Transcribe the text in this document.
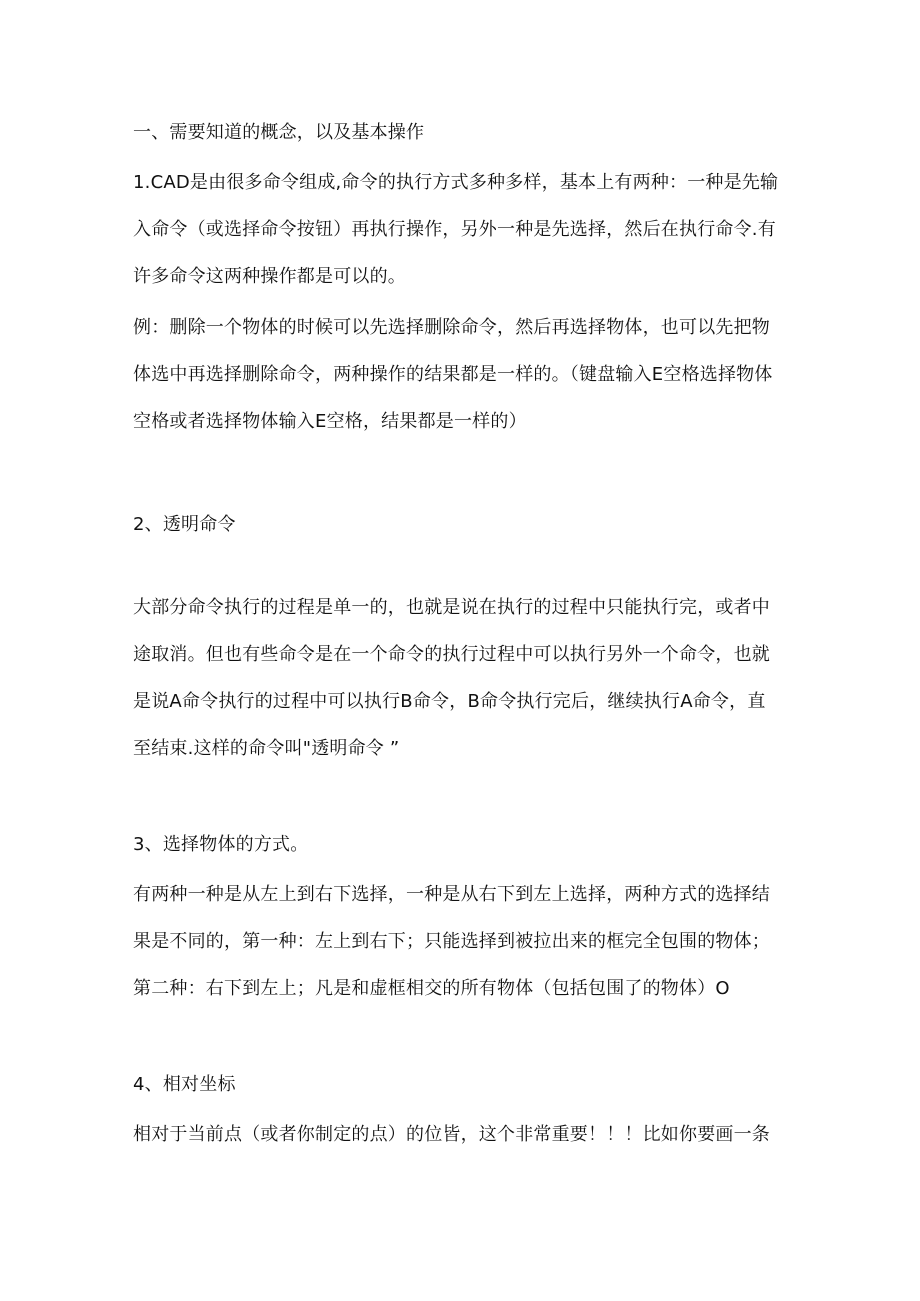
一、需要知道的概念，以及基本操作
1.CAD是由很多命令组成,命令的执行方式多种多样，基本上有两种：一种是先输
入命令（或选择命令按钮）再执行操作，另外一种是先选择，然后在执行命令.有
许多命令这两种操作都是可以的。
例：删除一个物体的时候可以先选择删除命令，然后再选择物体，也可以先把物
体选中再选择删除命令，两种操作的结果都是一样的。（键盘输入E空格选择物体
空格或者选择物体输入E空格，结果都是一样的）
2、透明命令
大部分命令执行的过程是单一的，也就是说在执行的过程中只能执行完，或者中
途取消。但也有些命令是在一个命令的执行过程中可以执行另外一个命令，也就
是说A命令执行的过程中可以执行B命令，B命令执行完后，继续执行A命令，直
至结束.这样的命令叫"透明命令 ”
3、选择物体的方式。
有两种一种是从左上到右下选择，一种是从右下到左上选择，两种方式的选择结
果是不同的，第一种：左上到右下；只能选择到被拉出来的框完全包围的物体；
第二种：右下到左上；凡是和虚框相交的所有物体（包括包围了的物体）O
4、相对坐标
相对于当前点（或者你制定的点）的位皆，这个非常重要！！！比如你要画一条
